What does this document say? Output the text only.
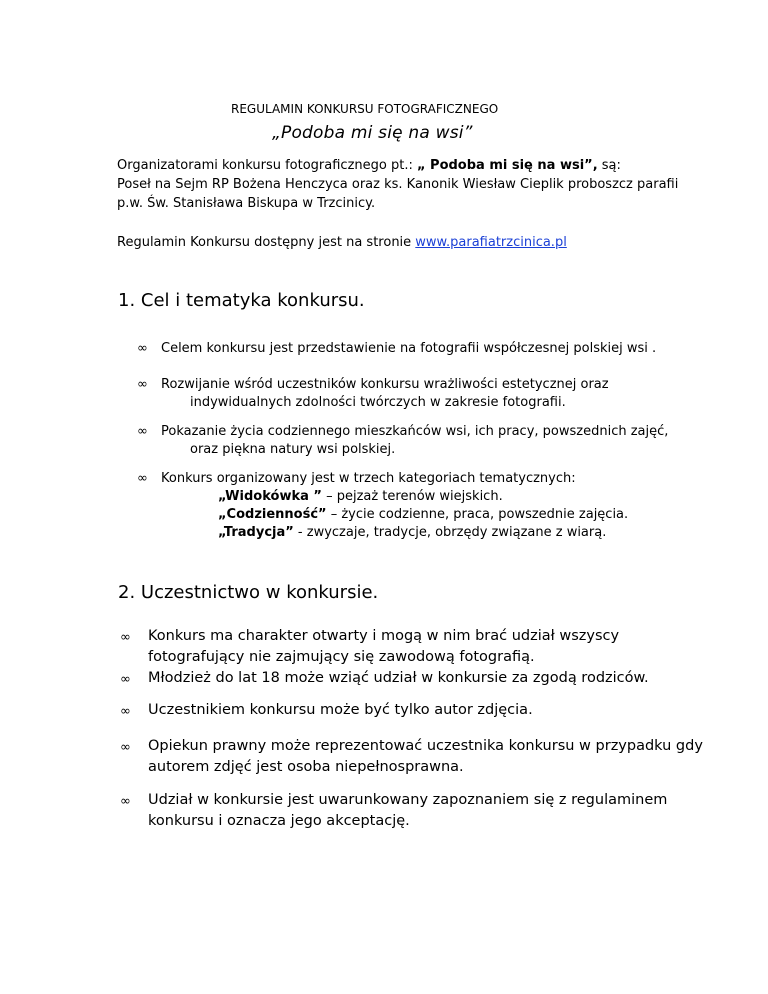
REGULAMIN KONKURSU FOTOGRAFICZNEGO
„Podoba mi się na wsi”
Organizatorami konkursu fotograficznego pt.: „ Podoba mi się na wsi”, są:
Poseł na Sejm RP Bożena Henczyca oraz ks. Kanonik Wiesław Cieplik proboszcz parafii
p.w. Św. Stanisława Biskupa w Trzcinicy.
Regulamin Konkursu dostępny jest na stronie www.parafiatrzcinica.pl
1. Cel i tematyka konkursu.
∞ Celem konkursu jest przedstawienie na fotografii współczesnej polskiej wsi .
∞ Rozwijanie wśród uczestników konkursu wrażliwości estetycznej oraz
indywidualnych zdolności twórczych w zakresie fotografii.
∞ Pokazanie życia codziennego mieszkańców wsi, ich pracy, powszednich zajęć,
oraz piękna natury wsi polskiej.
∞ Konkurs organizowany jest w trzech kategoriach tematycznych:
„Widokówka ” – pejzaż terenów wiejskich.
„Codzienność” – życie codzienne, praca, powszednie zajęcia.
„Tradycja” - zwyczaje, tradycje, obrzędy związane z wiarą.
2. Uczestnictwo w konkursie.
∞ Konkurs ma charakter otwarty i mogą w nim brać udział wszyscy
fotografujący nie zajmujący się zawodową fotografią.
∞ Młodzież do lat 18 może wziąć udział w konkursie za zgodą rodziców.
∞ Uczestnikiem konkursu może być tylko autor zdjęcia.
∞ Opiekun prawny może reprezentować uczestnika konkursu w przypadku gdy
autorem zdjęć jest osoba niepełnosprawna.
∞ Udział w konkursie jest uwarunkowany zapoznaniem się z regulaminem
konkursu i oznacza jego akceptację.
